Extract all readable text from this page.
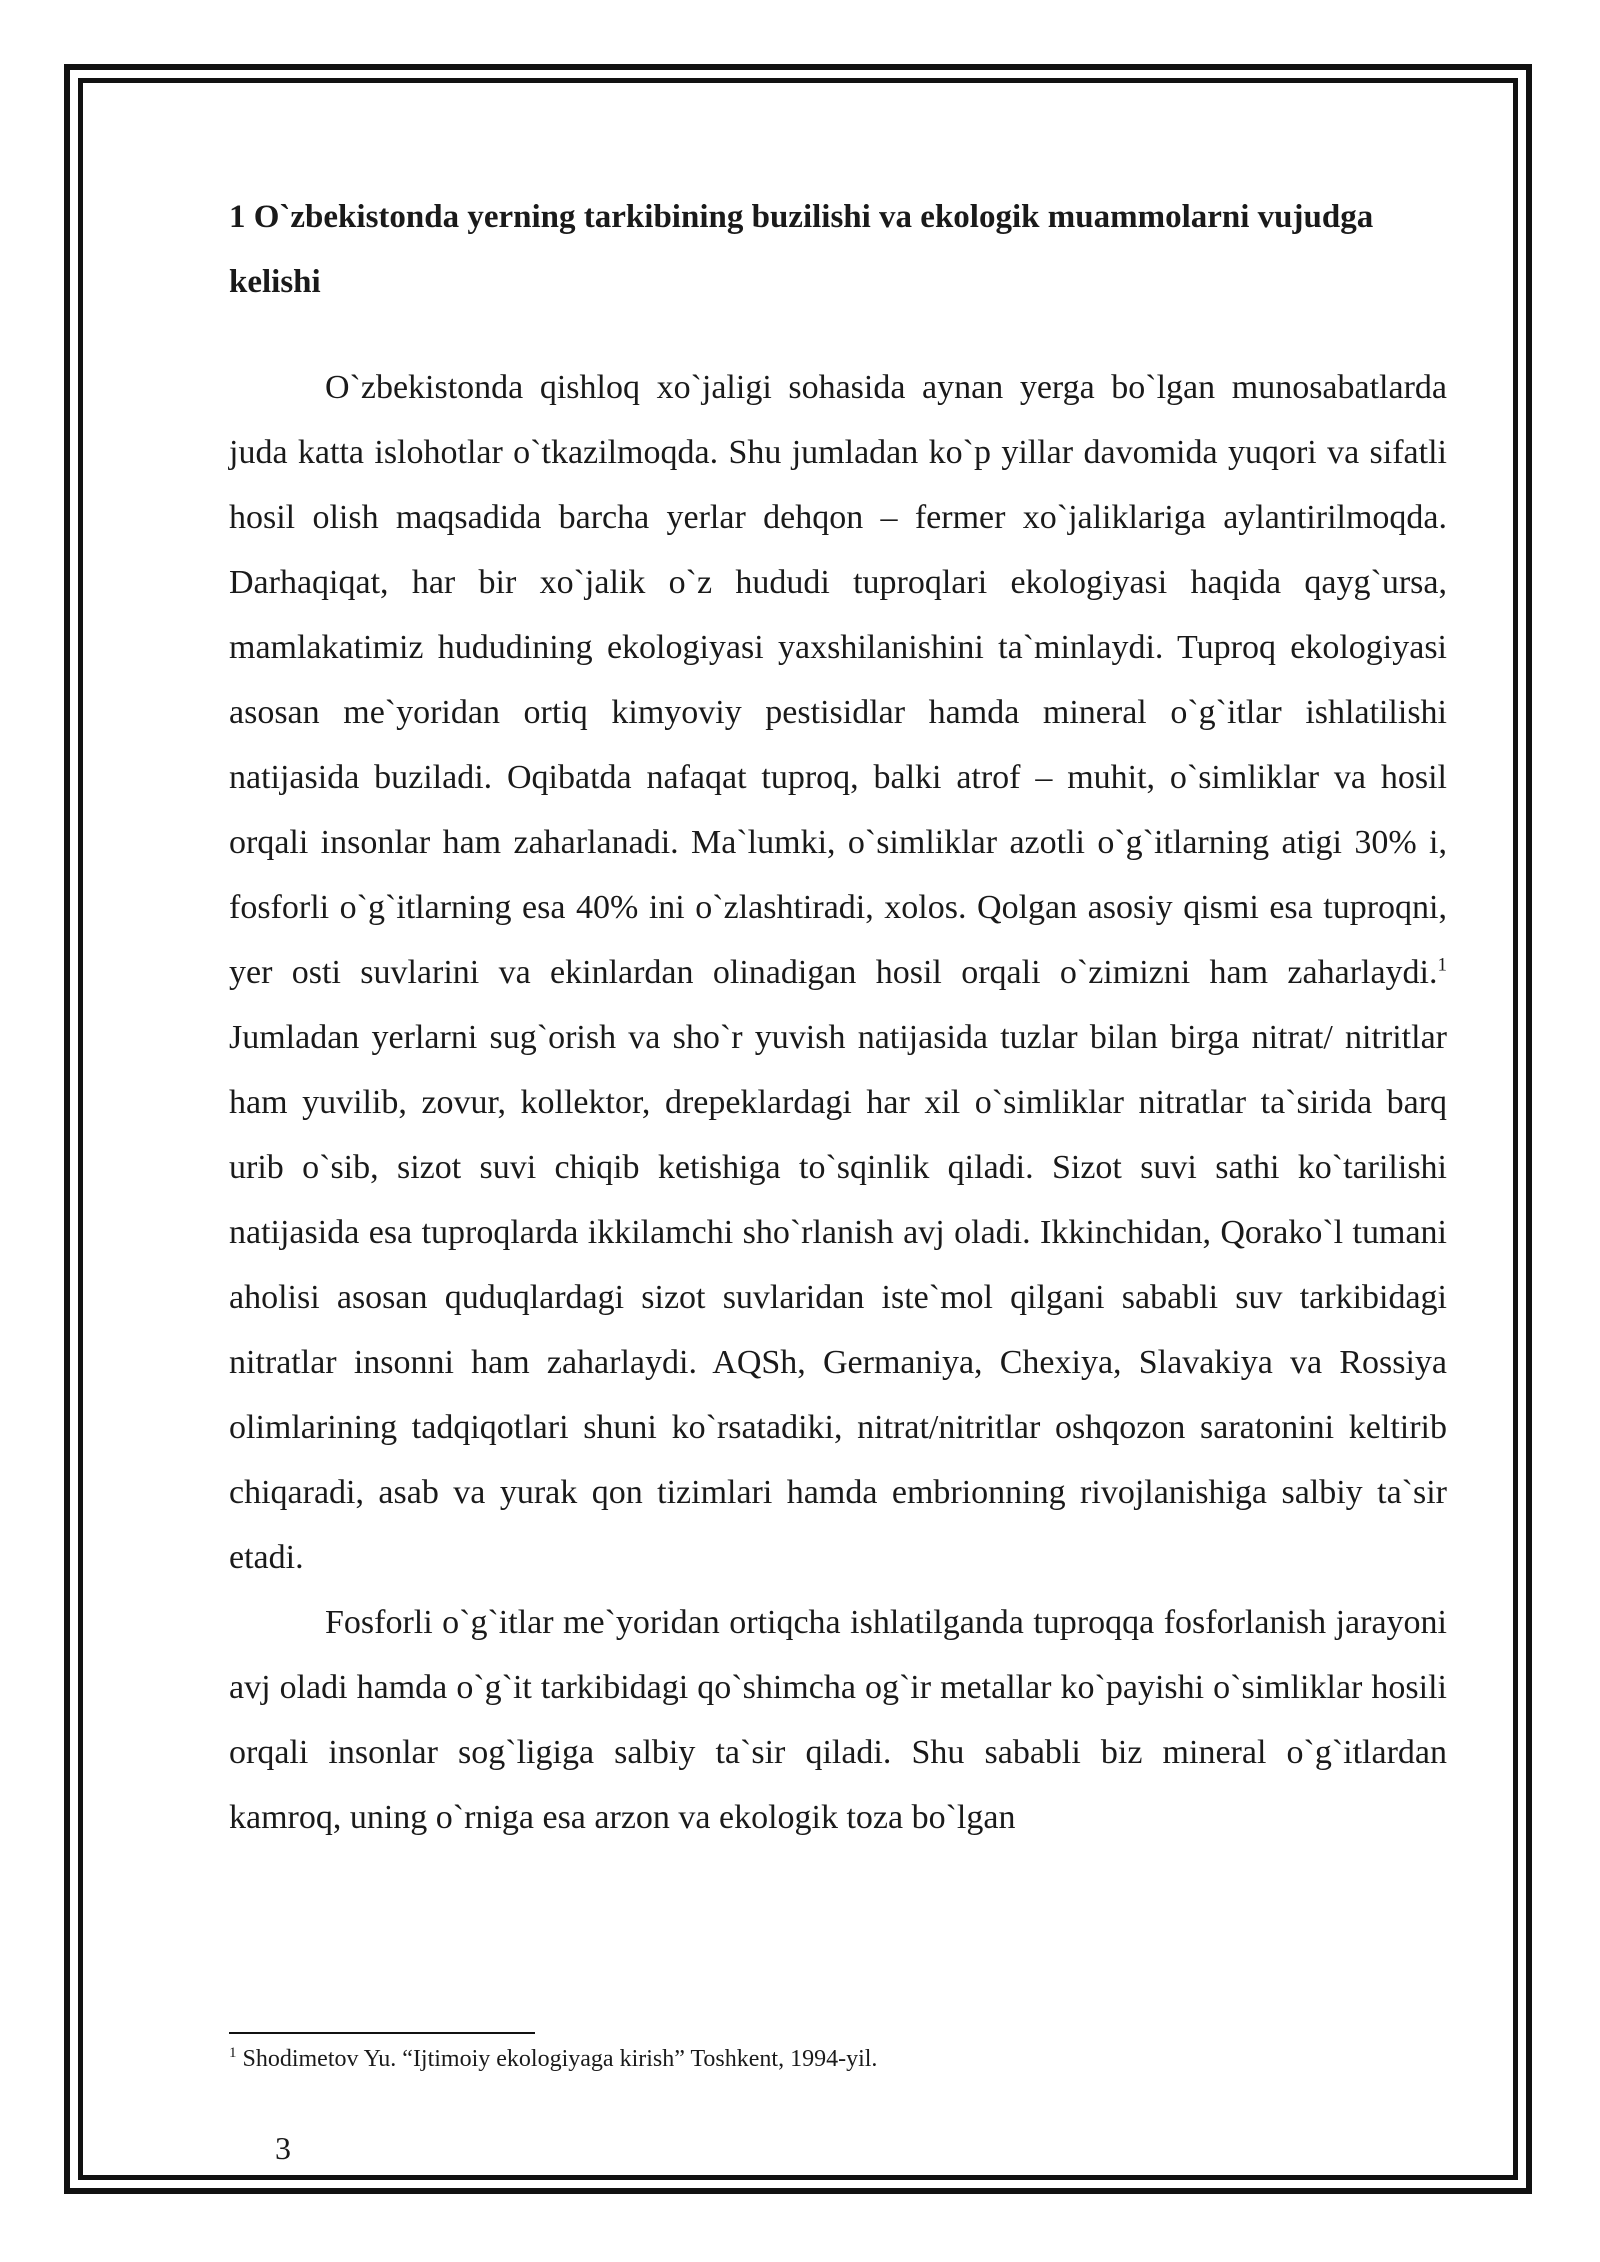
1 O`zbekistonda yerning tarkibining buzilishi va ekologik muammolarni vujudga kelishi

O`zbekistonda qishloq xo`jaligi sohasida aynan yerga bo`lgan munosabatlarda juda katta islohotlar o`tkazilmoqda. Shu jumladan ko`p yillar davomida yuqori va sifatli hosil olish maqsadida barcha yerlar dehqon – fermer xo`jaliklariga aylantirilmoqda. Darhaqiqat, har bir xo`jalik o`z hududi tuproqlari ekologiyasi haqida qayg`ursa, mamlakatimiz hududining ekologiyasi yaxshilanishini ta`minlaydi. Tuproq ekologiyasi asosan me`yoridan ortiq kimyoviy pestisidlar hamda mineral o`g`itlar ishlatilishi natijasida buziladi. Oqibatda nafaqat tuproq, balki atrof – muhit, o`simliklar va hosil orqali insonlar ham zaharlanadi. Ma`lumki, o`simliklar azotli o`g`itlarning atigi 30% i, fosforli o`g`itlarning esa 40% ini o`zlashtiradi, xolos. Qolgan asosiy qismi esa tuproqni, yer osti suvlarini va ekinlardan olinadigan hosil orqali o`zimizni ham zaharlaydi.$^1$ Jumladan yerlarni sug`orish va sho`r yuvish natijasida tuzlar bilan birga nitrat/ nitritlar ham yuvilib, zovur, kollektor, drepeklardagi har xil o`simliklar nitratlar ta`sirida barq urib o`sib, sizot suvi chiqib ketishiga to`sqinlik qiladi. Sizot suvi sathi ko`tarilishi natijasida esa tuproqlarda ikkilamchi sho`rlanish avj oladi. Ikkinchidan, Qorako`l tumani aholisi asosan quduqlardagi sizot suvlaridan iste`mol qilgani sababli suv tarkibidagi nitratlar insonni ham zaharlaydi. AQSh, Germaniya, Chexiya, Slavakiya va Rossiya olimlarining tadqiqotlari shuni ko`rsatadiki, nitrat/nitritlar oshqozon saratonini keltirib chiqaradi, asab va yurak qon tizimlari hamda embrionning rivojlanishiga salbiy ta`sir etadi.

Fosforli o`g`itlar me`yoridan ortiqcha ishlatilganda tuproqqa fosforlanish jarayoni avj oladi hamda o`g`it tarkibidagi qo`shimcha og`ir metallar ko`payishi o`simliklar hosili orqali insonlar sog`ligiga salbiy ta`sir qiladi. Shu sababli biz mineral o`g`itlardan kamroq, uning o`rniga esa arzon va ekologik toza bo`lgan

$^1$ Shodimetov Yu. “Ijtimoiy ekologiyaga kirish” Toshkent, 1994-yil.
3
